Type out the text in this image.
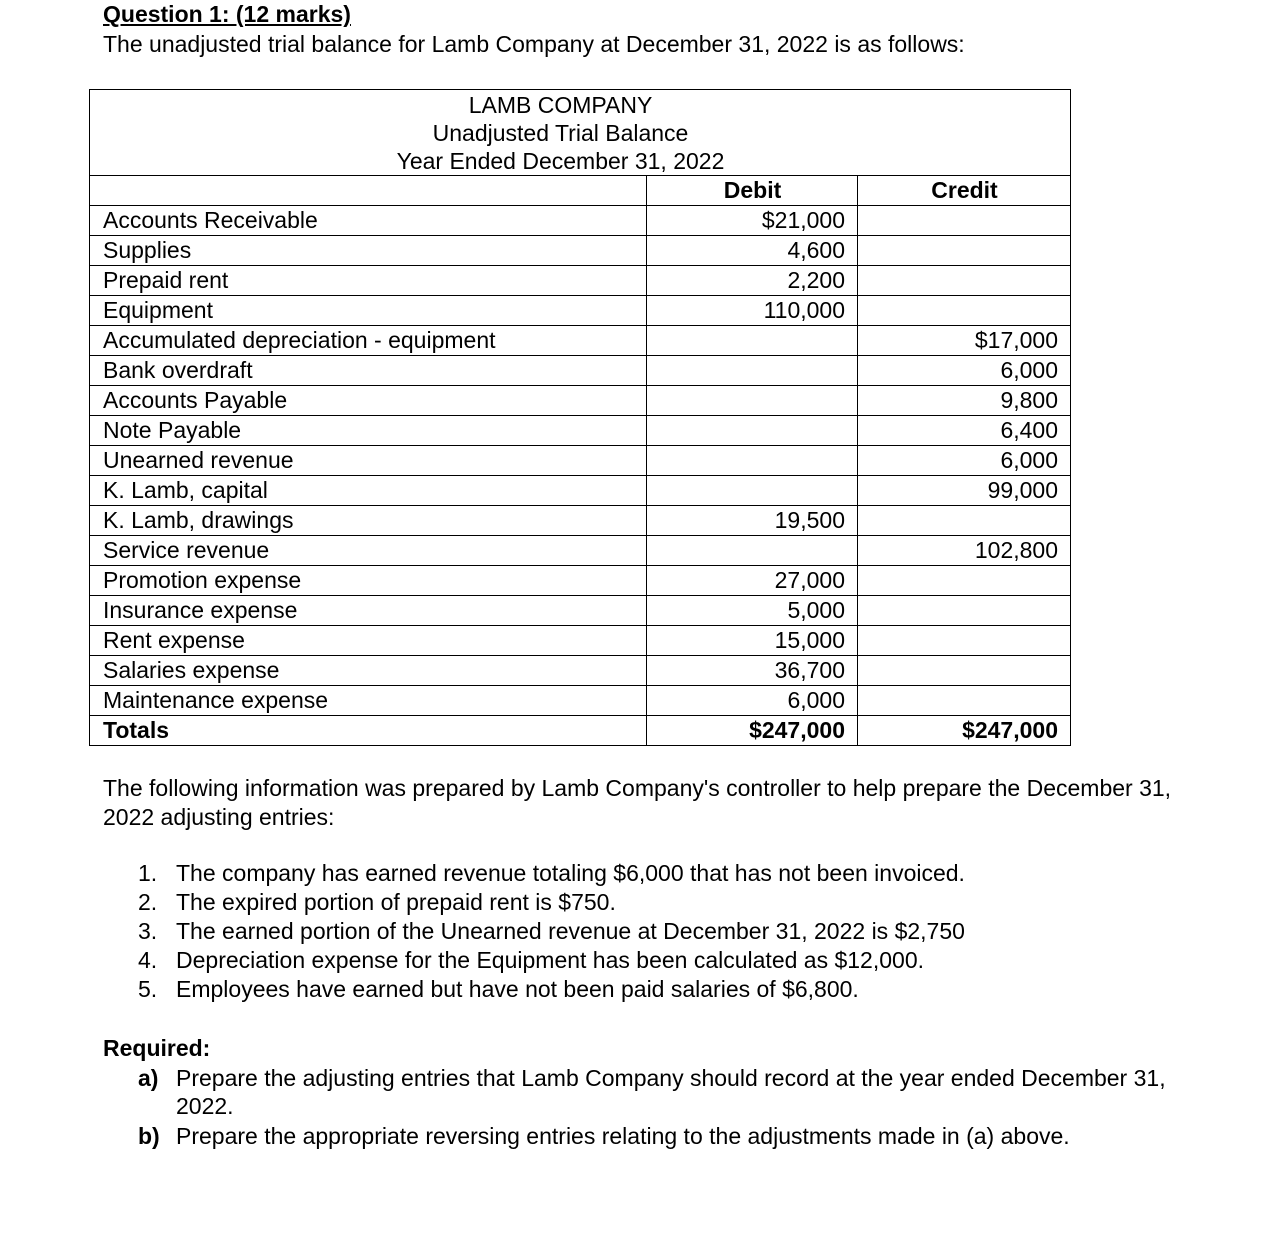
Question 1: (12 marks)
The unadjusted trial balance for Lamb Company at December 31, 2022 is as follows:
LAMB COMPANY
Unadjusted Trial Balance
Year Ended December 31, 2022		

	Debit	Credit
Accounts Receivable	$21,000	
Supplies	4,600	
Prepaid rent	2,200	
Equipment	110,000	
Accumulated depreciation - equipment		$17,000
Bank overdraft		6,000
Accounts Payable		9,800
Note Payable		6,400
Unearned revenue		6,000
K. Lamb, capital		99,000
K. Lamb, drawings	19,500	
Service revenue		102,800
Promotion expense	27,000	
Insurance expense	5,000	
Rent expense	15,000	
Salaries expense	36,700	
Maintenance expense	6,000	
Totals	$247,000	$247,000
The following information was prepared by Lamb Company's controller to help prepare the December 31, 2022 adjusting entries:
1. The company has earned revenue totaling $6,000 that has not been invoiced.
2. The expired portion of prepaid rent is $750.
3. The earned portion of the Unearned revenue at December 31, 2022 is $2,750
4. Depreciation expense for the Equipment has been calculated as $12,000.
5. Employees have earned but have not been paid salaries of $6,800.
Required:
a) Prepare the adjusting entries that Lamb Company should record at the year ended December 31, 2022.
b) Prepare the appropriate reversing entries relating to the adjustments made in (a) above.
